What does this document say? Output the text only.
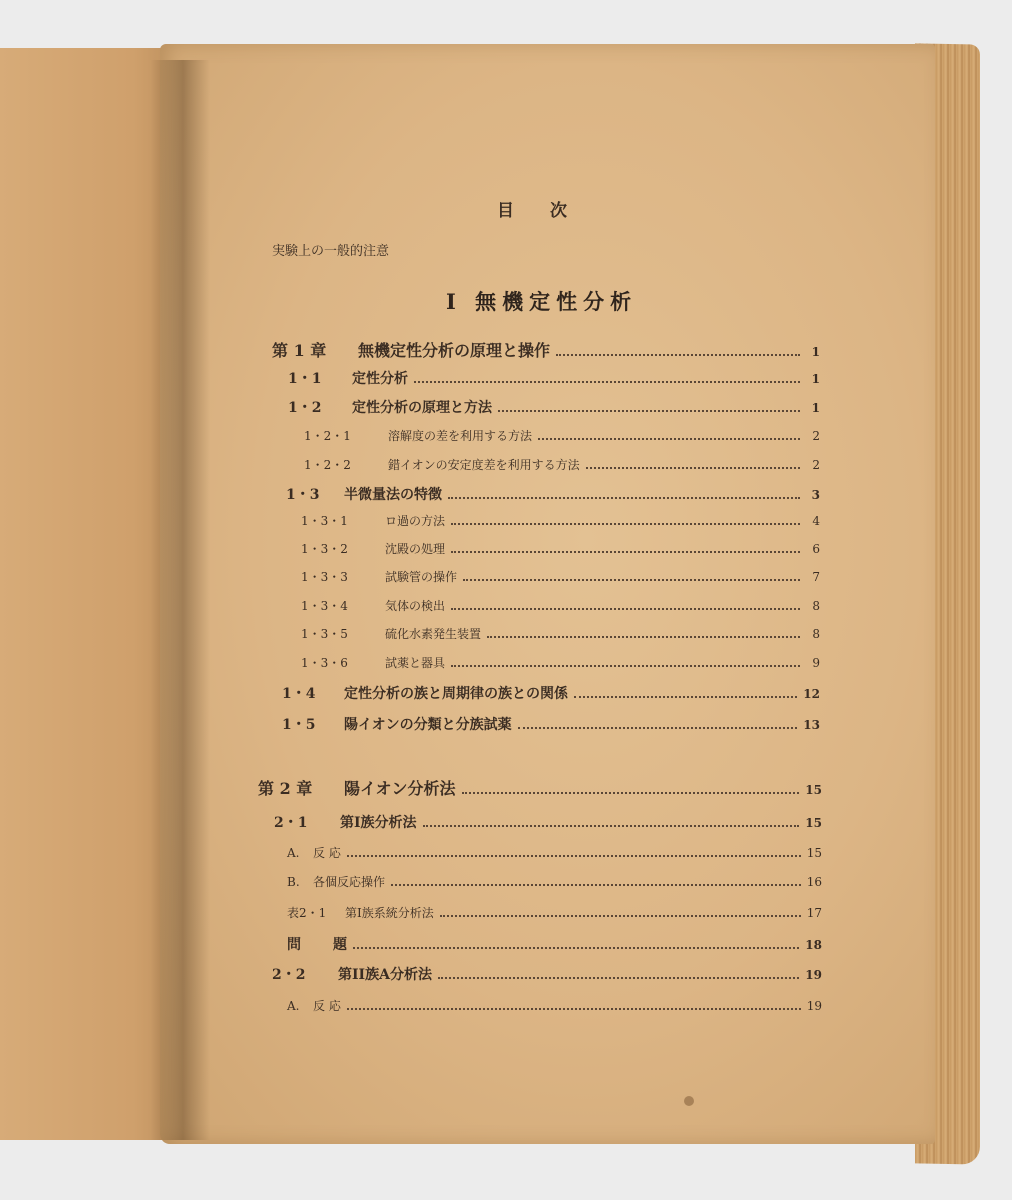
目次
実験上の一般的注意
I 無機定性分析
第 1 章	無機定性分析の原理と操作	1
1・1	定性分析	1
1・2	定性分析の原理と方法	1
1・2・1	溶解度の差を利用する方法	2
1・2・2	錯イオンの安定度差を利用する方法	2
1・3	半微量法の特徴	3
1・3・1	ロ過の方法	4
1・3・2	沈殿の処理	6
1・3・3	試験管の操作	7
1・3・4	気体の検出	8
1・3・5	硫化水素発生装置	8
1・3・6	試薬と器具	9
1・4	定性分析の族と周期律の族との関係	12
1・5	陽イオンの分類と分族試薬	13
第 2 章	陽イオン分析法	15
2・1	第I族分析法	15
A.	反 応	15
B.	各個反応操作	16
表2・1	第I族系統分析法	17
問	題	18
2・2	第II族A分析法	19
A.	反 応	19
